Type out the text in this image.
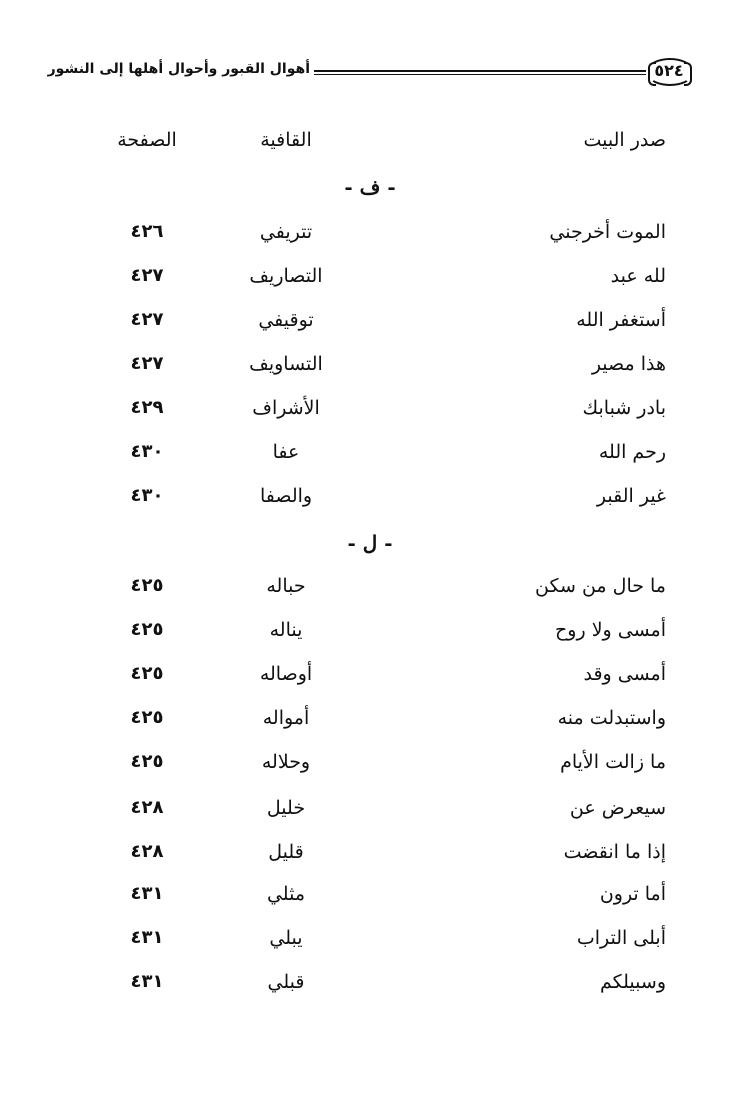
٥٢٤
أهوال القبور وأحوال أهلها إلى النشور
صدر البيت
القافية
الصفحة
- ف -
الموت أخرجني
تتريفي
٤٢٦
لله عبد
التصاريف
٤٢٧
أستغفر الله
توقيفي
٤٢٧
هذا مصير
التساويف
٤٢٧
بادر شبابك
الأشراف
٤٢٩
رحم الله
عفا
٤٣٠
غير القبر
والصفا
٤٣٠
- ل -
ما حال من سكن
حباله
٤٢٥
أمسى ولا روح
يناله
٤٢٥
أمسى وقد
أوصاله
٤٢٥
واستبدلت منه
أمواله
٤٢٥
ما زالت الأيام
وحلاله
٤٢٥
سيعرض عن
خليل
٤٢٨
إذا ما انقضت
قليل
٤٢٨
أما ترون
مثلي
٤٣١
أبلى التراب
يبلي
٤٣١
وسبيلكم
قبلي
٤٣١
